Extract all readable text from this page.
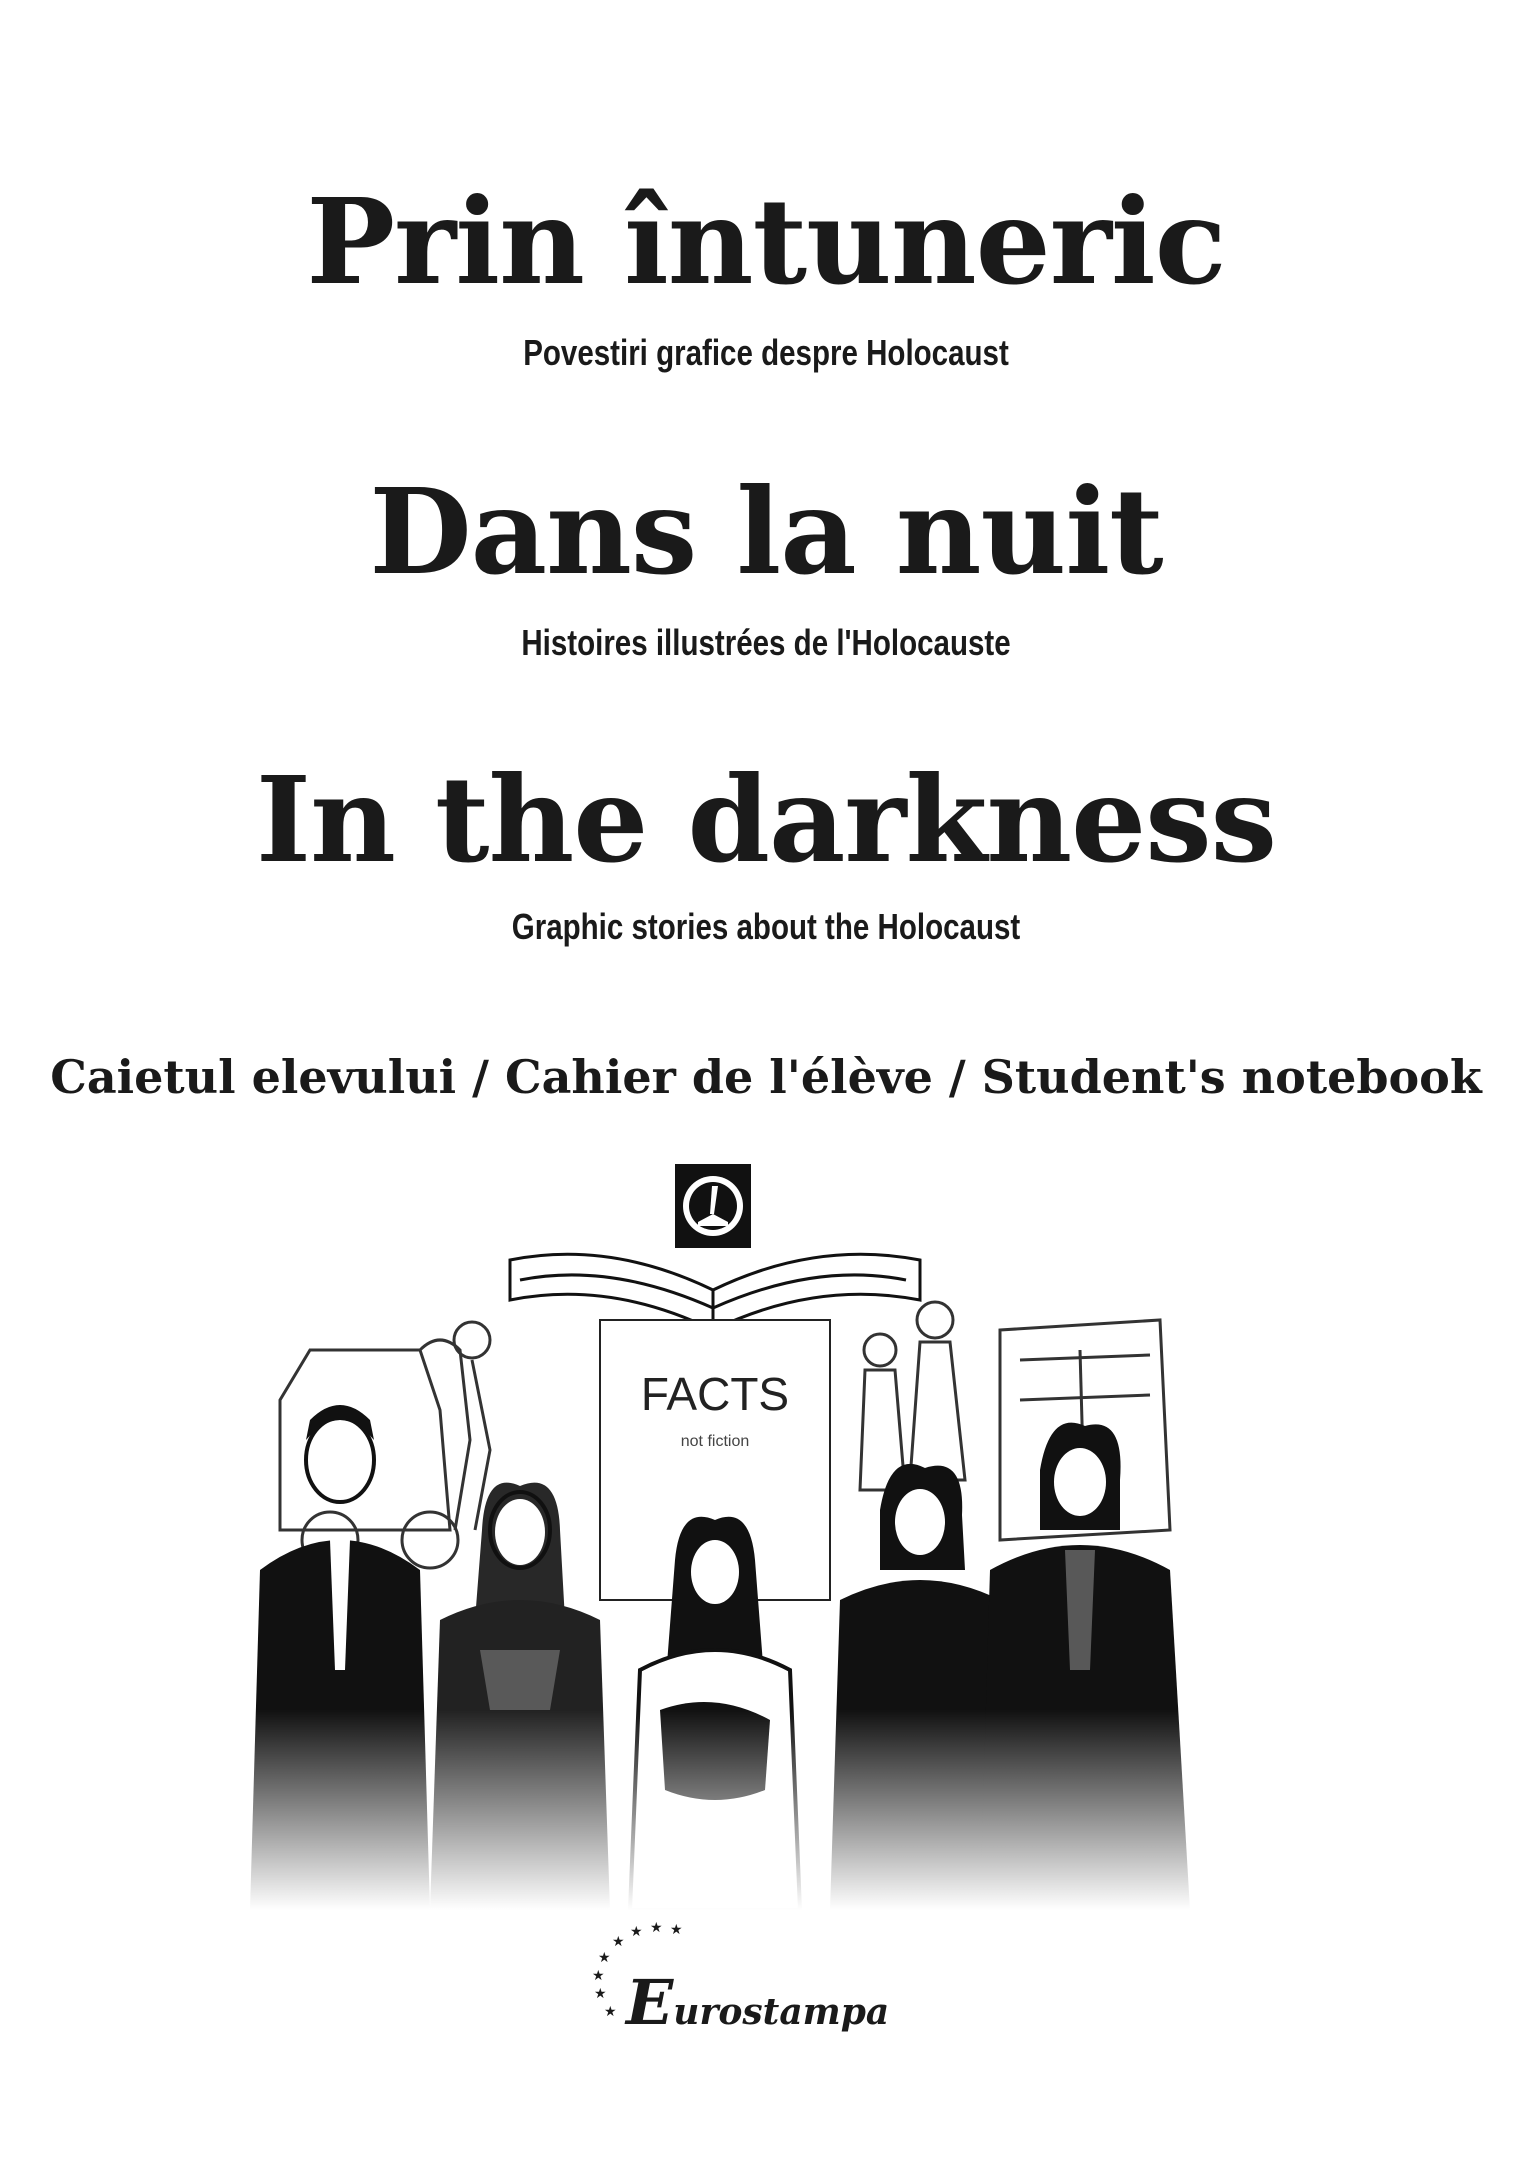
Prin întuneric
Povestiri grafice despre Holocaust
Dans la nuit
Histoires illustrées de l'Holocauste
In the darkness
Graphic stories about the Holocaust
Caietul elevului / Cahier de l'élève / Student's notebook
FACTS
not fiction
★
★
★
★
★
★ ★ ★
Eurostampa
